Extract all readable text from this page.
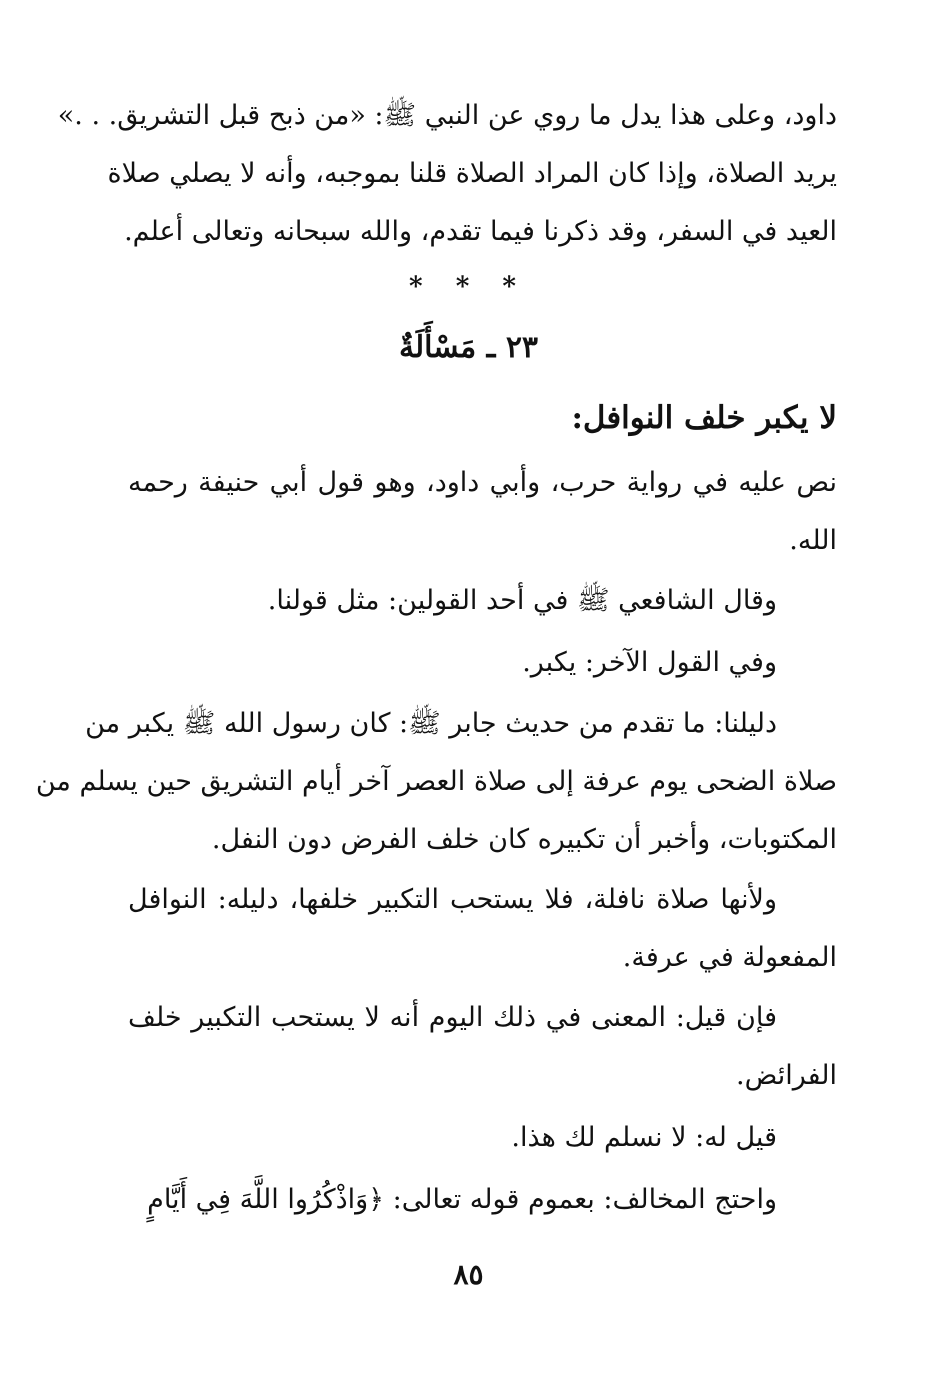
داود، وعلى هذا يدل ما روي عن النبي ﷺ: «من ذبح قبل التشريق. . .»
يريد الصلاة، وإذا كان المراد الصلاة قلنا بموجبه، وأنه لا يصلي صلاة
العيد في السفر، وقد ذكرنا فيما تقدم، والله سبحانه وتعالى أعلم.
* * *
٢٣ ـ مَسْأَلَةٌ
لا يكبر خلف النوافل:
نص عليه في رواية حرب، وأبي داود، وهو قول أبي حنيفة رحمه
الله.
وقال الشافعي ﷺ في أحد القولين: مثل قولنا.
وفي القول الآخر: يكبر.
دليلنا: ما تقدم من حديث جابر ﷺ: كان رسول الله ﷺ يكبر من
صلاة الضحى يوم عرفة إلى صلاة العصر آخر أيام التشريق حين يسلم من
المكتوبات، وأخبر أن تكبيره كان خلف الفرض دون النفل.
ولأنها صلاة نافلة، فلا يستحب التكبير خلفها، دليله: النوافل
المفعولة في عرفة.
فإن قيل: المعنى في ذلك اليوم أنه لا يستحب التكبير خلف
الفرائض.
قيل له: لا نسلم لك هذا.
واحتج المخالف: بعموم قوله تعالى: ﴿وَاذْكُرُوا اللَّهَ فِي أَيَّامٍ
٨٥
